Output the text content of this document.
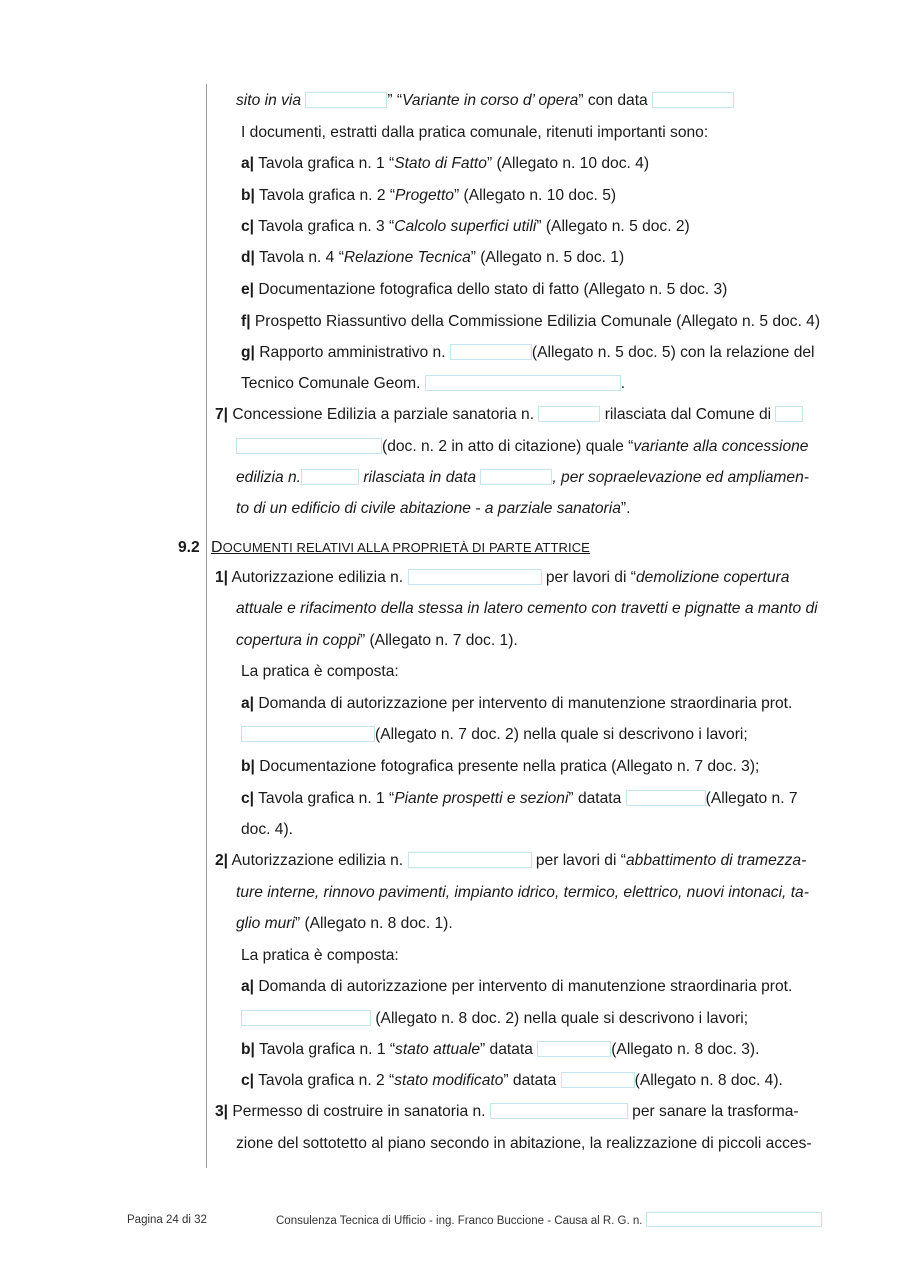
sito in via	” “Variante in corso d’ opera” con data
I documenti, estratti dalla pratica comunale, ritenuti importanti sono:
a| Tavola grafica n. 1 “Stato di Fatto” (Allegato n. 10 doc. 4)
b| Tavola grafica n. 2 “Progetto” (Allegato n. 10 doc. 5)
c| Tavola grafica n. 3 “Calcolo superfici utili” (Allegato n. 5 doc. 2)
d| Tavola n. 4 “Relazione Tecnica” (Allegato n. 5 doc. 1)
e| Documentazione fotografica dello stato di fatto (Allegato n. 5 doc. 3)
f| Prospetto Riassuntivo della Commissione Edilizia Comunale (Allegato n. 5 doc. 4)
g| Rapporto amministrativo n.	(Allegato n. 5 doc. 5) con la relazione del
Tecnico Comunale Geom.	.
7| Concessione Edilizia a parziale sanatoria n.	rilasciata dal Comune di
(doc. n. 2 in atto di citazione) quale “variante alla concessione
edilizia n.	rilasciata in data	, per sopraelevazione ed ampliamen-
to di un edificio di civile abitazione - a parziale sanatoria”.
9.2 DOCUMENTI RELATIVI ALLA PROPRIETÀ DI PARTE ATTRICE
1| Autorizzazione edilizia n.	per lavori di “demolizione copertura
attuale e rifacimento della stessa in latero cemento con travetti e pignatte a manto di
copertura in coppi” (Allegato n. 7 doc. 1).
La pratica è composta:
a| Domanda di autorizzazione per intervento di manutenzione straordinaria prot.
(Allegato n. 7 doc. 2) nella quale si descrivono i lavori;
b| Documentazione fotografica presente nella pratica (Allegato n. 7 doc. 3);
c| Tavola grafica n. 1 “Piante prospetti e sezioni” datata	(Allegato n. 7
doc. 4).
2| Autorizzazione edilizia n.	per lavori di “abbattimento di tramezza-
ture interne, rinnovo pavimenti, impianto idrico, termico, elettrico, nuovi intonaci, ta-
glio muri” (Allegato n. 8 doc. 1).
La pratica è composta:
a| Domanda di autorizzazione per intervento di manutenzione straordinaria prot.
(Allegato n. 8 doc. 2) nella quale si descrivono i lavori;
b| Tavola grafica n. 1 “stato attuale” datata	(Allegato n. 8 doc. 3).
c| Tavola grafica n. 2 “stato modificato” datata	(Allegato n. 8 doc. 4).
3| Permesso di costruire in sanatoria n.	per sanare la trasforma-
zione del sottotetto al piano secondo in abitazione, la realizzazione di piccoli acces-
Pagina 24 di 32	Consulenza Tecnica di Ufficio - ing. Franco Buccione - Causa al R. G. n.
